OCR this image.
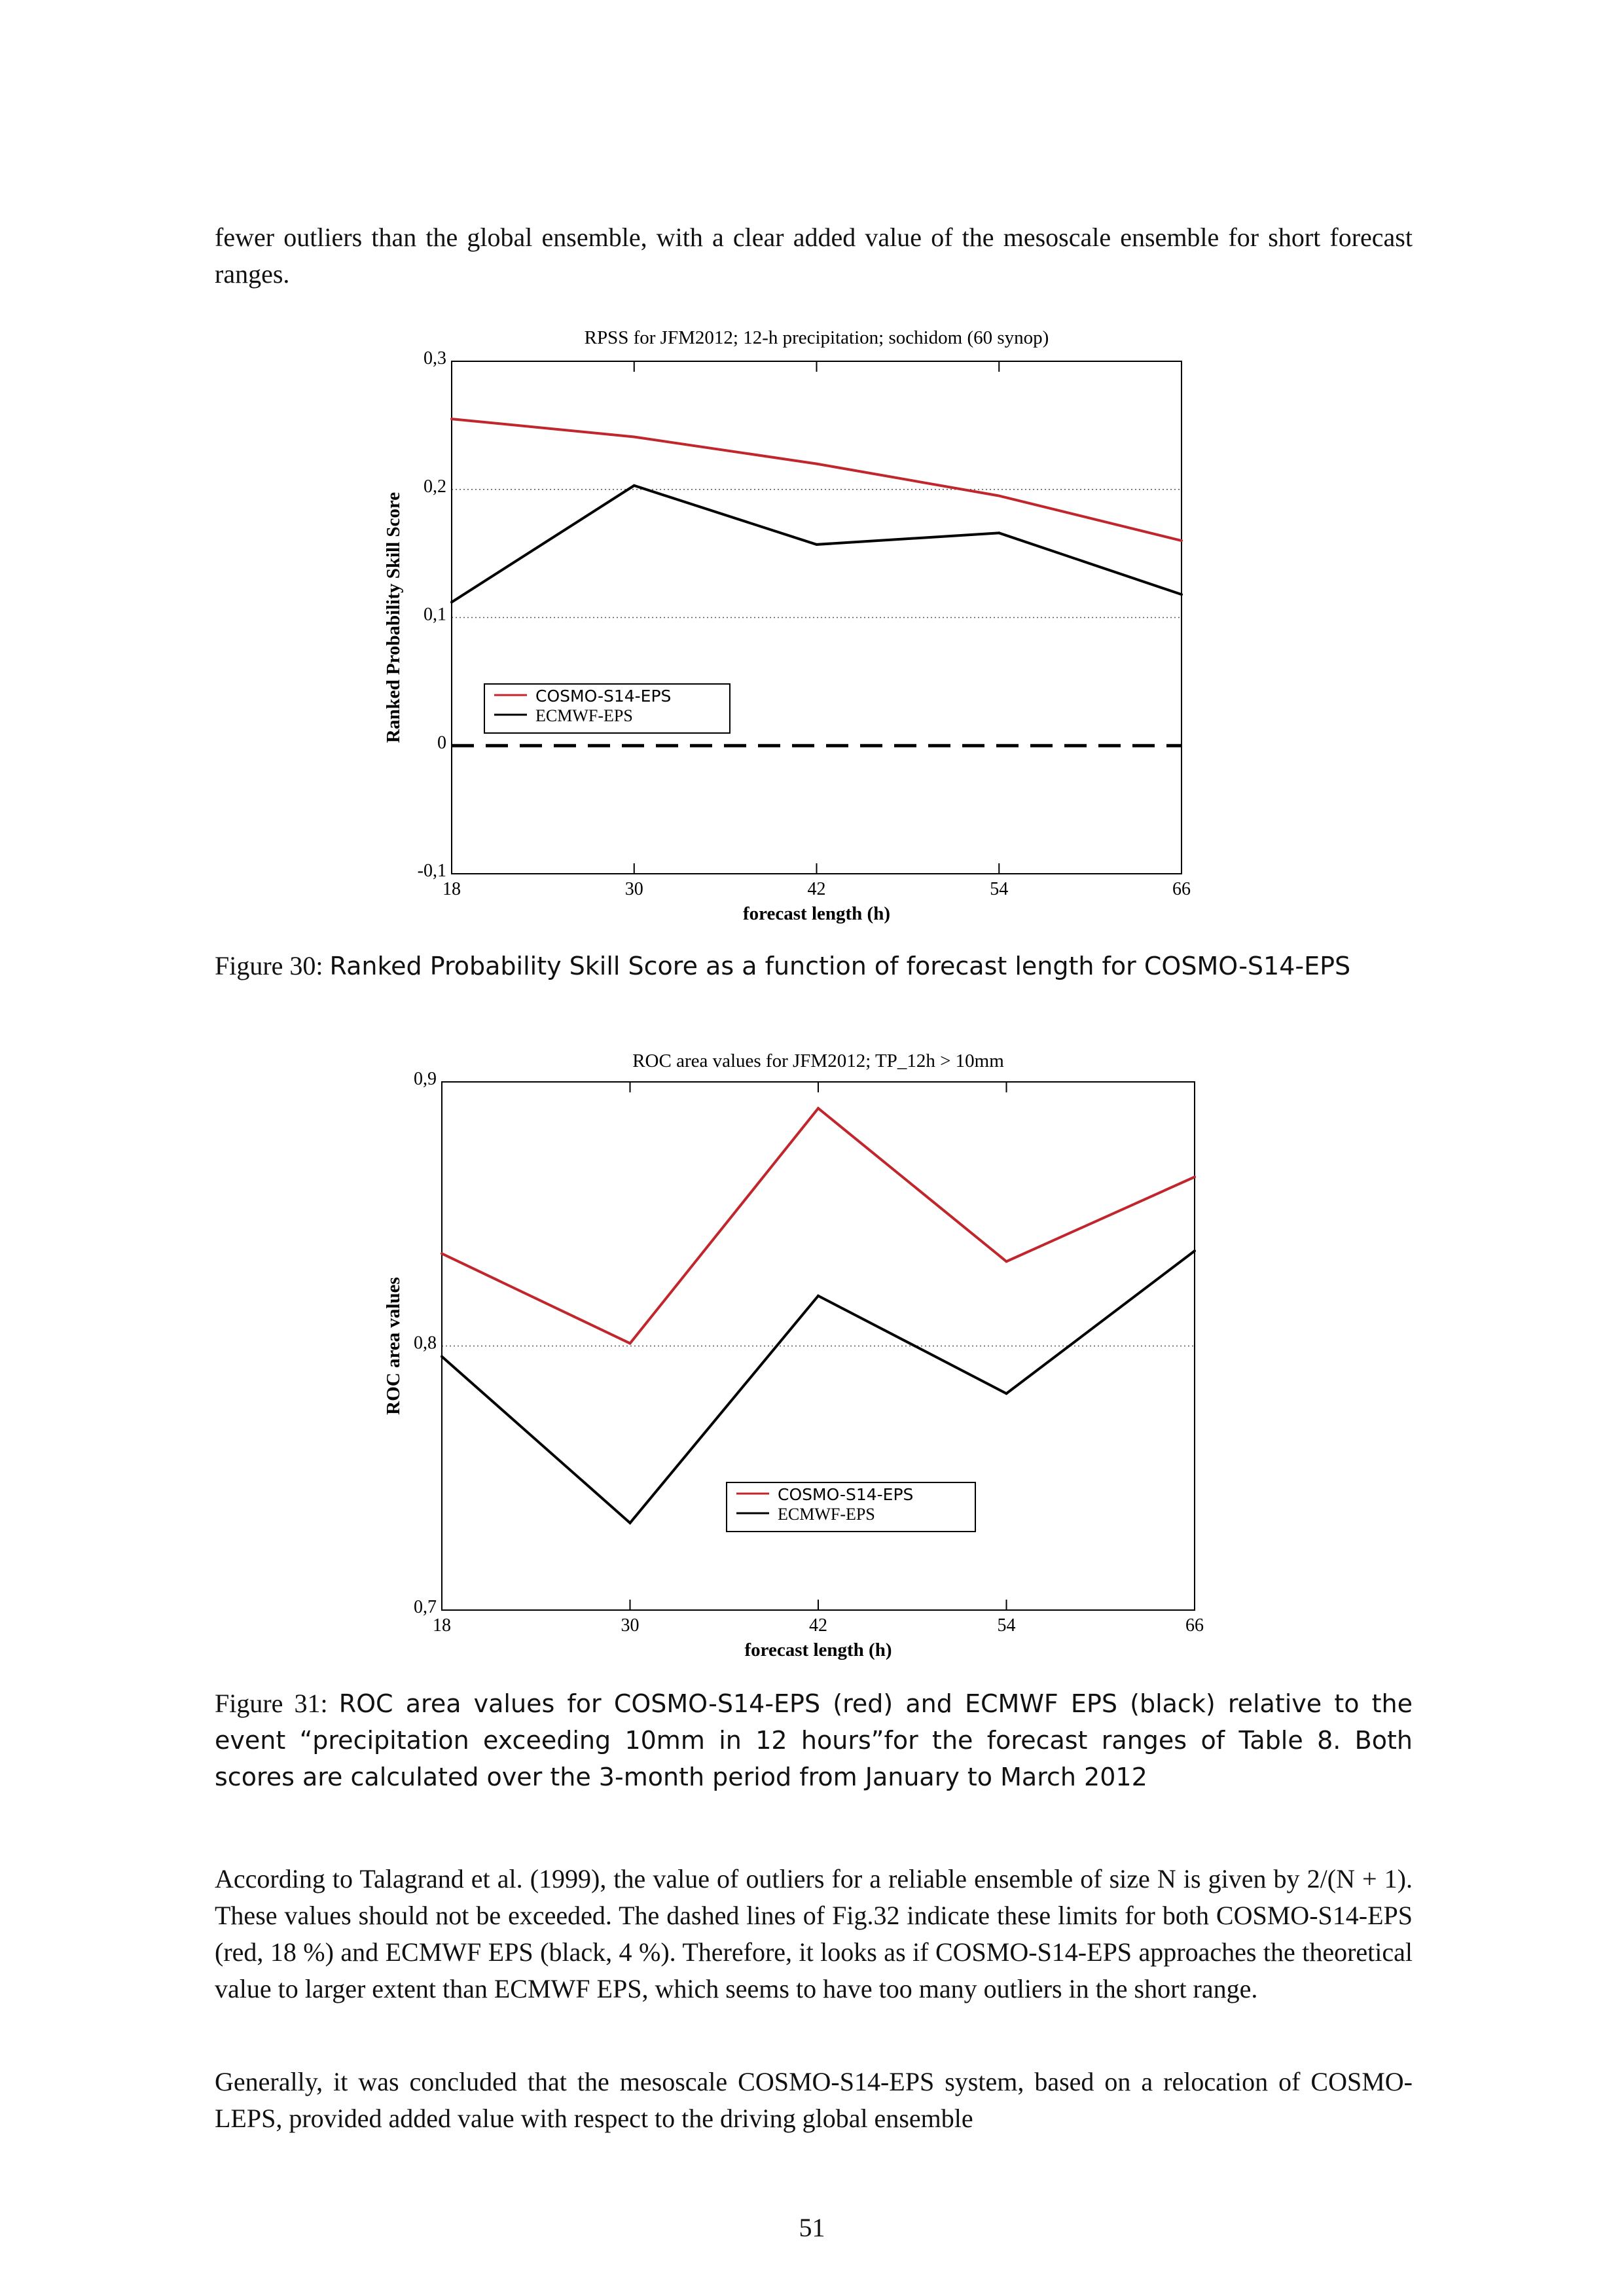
fewer outliers than the global ensemble, with a clear added value of the mesoscale ensemble for short forecast ranges.

RPSS for JFM2012; 12-h precipitation; sochidom (60 synop)
18	30	42	54	66
-0,1
0
0,1
0,2
0,3
forecast length (h)
Ranked Probability Skill Score	COSMO-S14-EPS
ECMWF-EPS

Figure 30: Ranked Probability Skill Score as a function of forecast length for COSMO-S14-EPS

ROC area values for JFM2012; TP_12h > 10mm
18	30	42	54	66
0,7
0,8
0,9
forecast length (h)
ROC area values
COSMO-S14-EPS
ECMWF-EPS

Figure 31: ROC area values for COSMO-S14-EPS (red) and ECMWF EPS (black) relative to the event “precipitation exceeding 10mm in 12 hours”for the forecast ranges of Table 8. Both scores are calculated over the 3-month period from January to March 2012

According to Talagrand et al. (1999), the value of outliers for a reliable ensemble of size N is given by 2/(N + 1). These values should not be exceeded. The dashed lines of Fig.32 indicate these limits for both COSMO-S14-EPS (red, 18 %) and ECMWF EPS (black, 4 %). Therefore, it looks as if COSMO-S14-EPS approaches the theoretical value to larger extent than ECMWF EPS, which seems to have too many outliers in the short range.

Generally, it was concluded that the mesoscale COSMO-S14-EPS system, based on a relocation of COSMO-LEPS, provided added value with respect to the driving global ensemble

51
